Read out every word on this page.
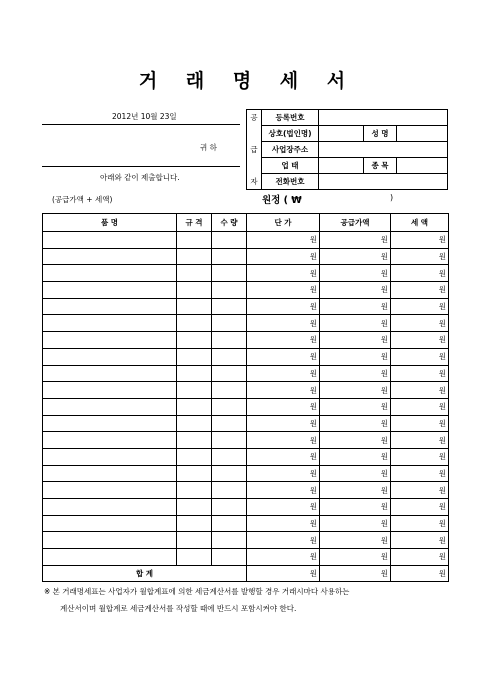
거 래 명 세 서
2012년 10월 23일
귀 하
아래와 같이 제출합니다.
공	등록번호			
	상호(법인명)		성 명	
급	사업장주소			
	업 태		종 목	
자	전화번호			
(공급가액 + 세액)	원정 ( ₩	)
품 명	규 격	수 량	단 가	공급가액	세 액
			원	원	원
			원	원	원
			원	원	원
			원	원	원
			원	원	원
			원	원	원
			원	원	원
			원	원	원
			원	원	원
			원	원	원
			원	원	원
			원	원	원
			원	원	원
			원	원	원
			원	원	원
			원	원	원
			원	원	원
			원	원	원
			원	원	원
			원	원	원
합 계			원	원	원
※ 본 거래명세표는 사업자가 월합계표에 의한 세금계산서를 발행할 경우 거래시마다 사용하는
계산서이며 월합계로 세금계산서를 작성할 때에 반드시 포함시켜야 한다.
